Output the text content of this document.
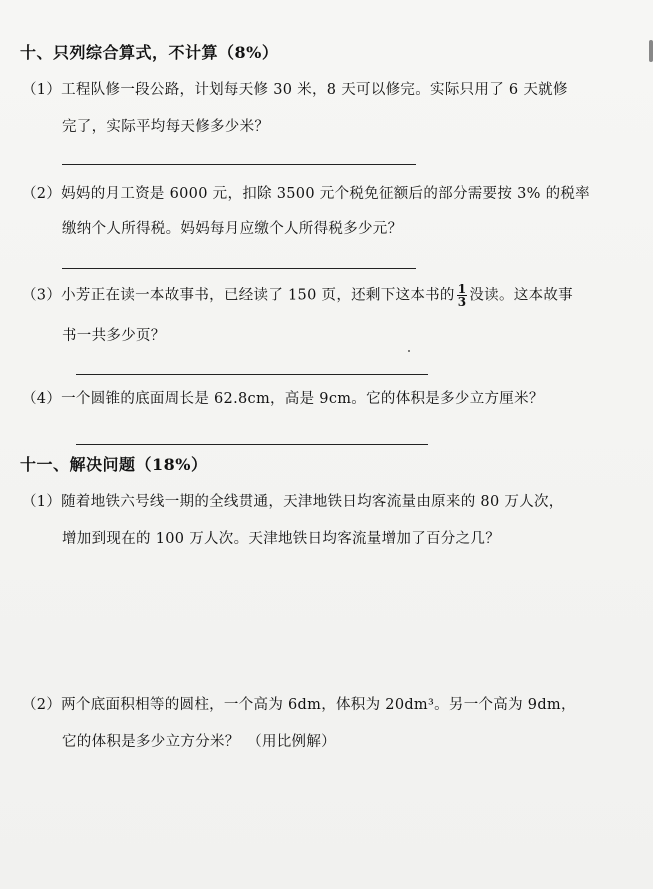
十、只列综合算式，不计算（8%）
（1）工程队修一段公路，计划每天修 30 米，8 天可以修完。实际只用了 6 天就修
完了，实际平均每天修多少米？
（2）妈妈的月工资是 6000 元，扣除 3500 元个税免征额后的部分需要按 3% 的税率
缴纳个人所得税。妈妈每月应缴个人所得税多少元？
（3）小芳正在读一本故事书，已经读了 150 页，还剩下这本书的 $\frac{1}{3}$ 没读。这本故事
书一共多少页？
（4）一个圆锥的底面周长是 62.8cm，高是 9cm。它的体积是多少立方厘米？
十一、解决问题（18%）
（1）随着地铁六号线一期的全线贯通，天津地铁日均客流量由原来的 80 万人次，
增加到现在的 100 万人次。天津地铁日均客流量增加了百分之几？
（2）两个底面积相等的圆柱，一个高为 6dm，体积为 20dm³。另一个高为 9dm，
它的体积是多少立方分米？　（用比例解）
